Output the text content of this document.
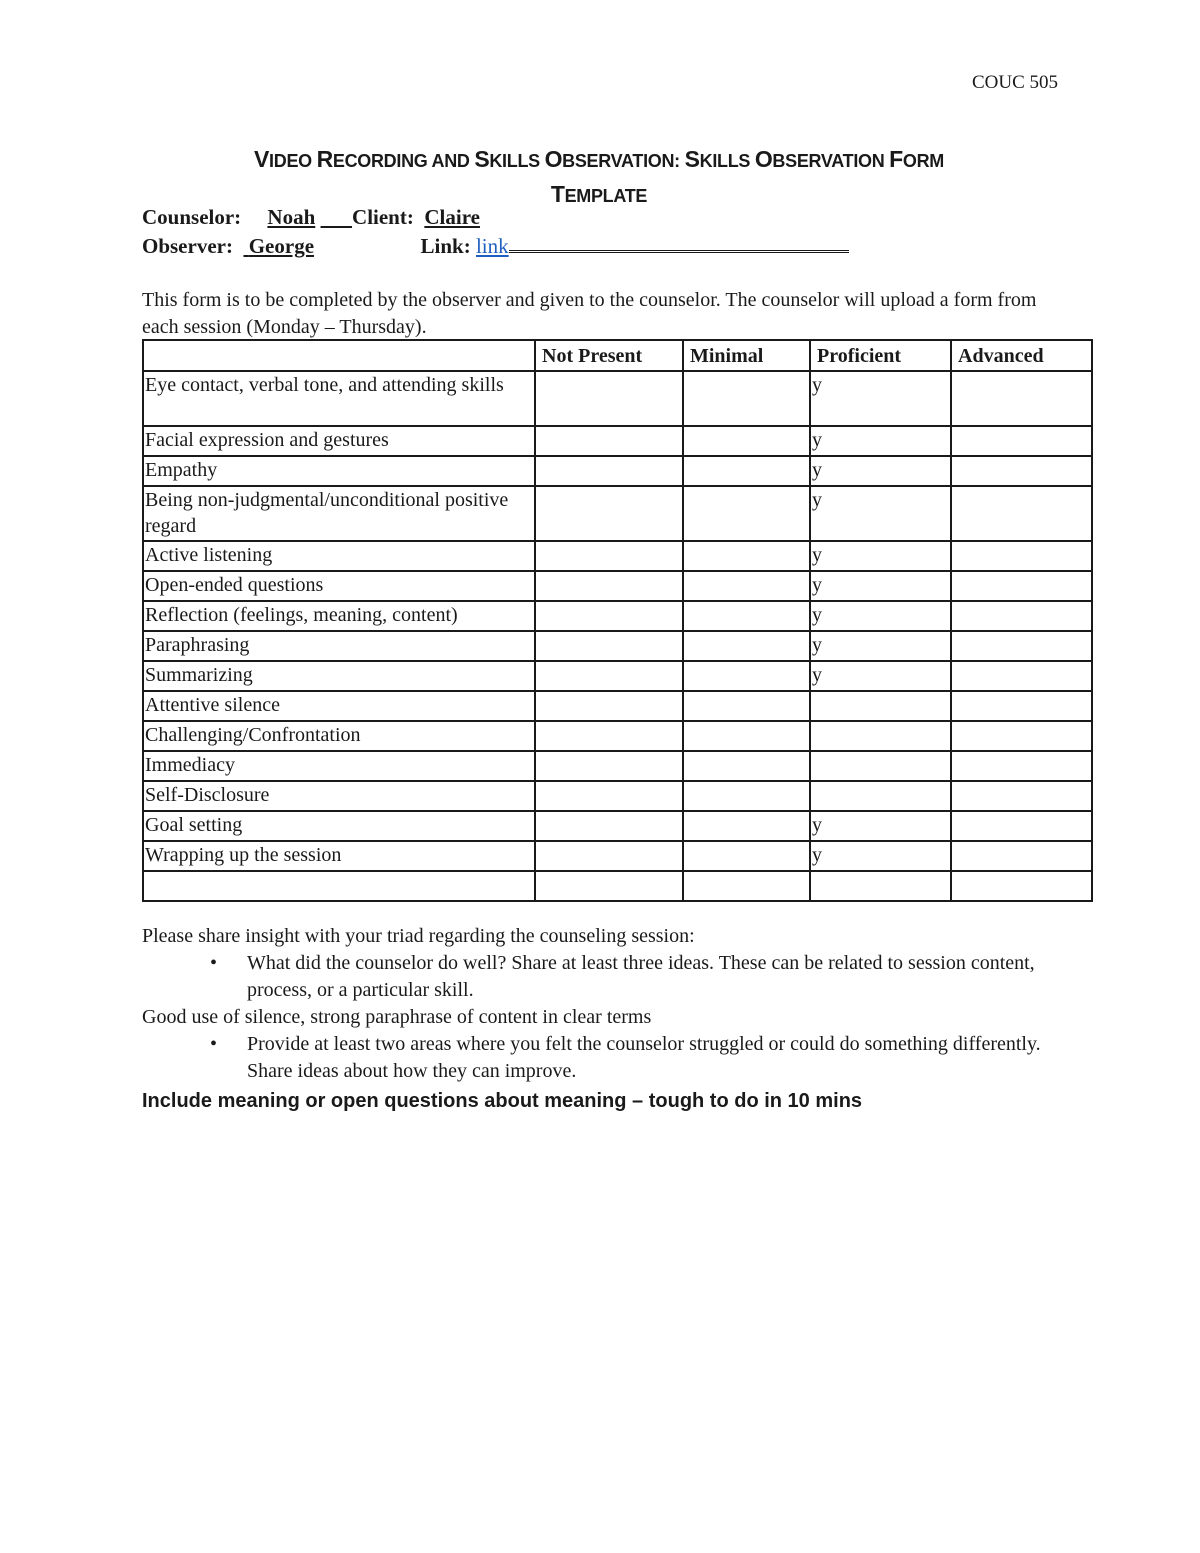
COUC 505
VIDEO RECORDING AND SKILLS OBSERVATION: SKILLS OBSERVATION FORM
TEMPLATE
Counselor: Noah Client: Claire
Observer: George	Link: link
This form is to be completed by the observer and given to the counselor. The counselor will upload a form from each session (Monday – Thursday).
	Not Present	Minimal	Proficient	Advanced
Eye contact, verbal tone, and attending skills			y	
Facial expression and gestures			y	
Empathy			y	
Being non-judgmental/unconditional positive regard			y	
Active listening			y	
Open-ended questions			y	
Reflection (feelings, meaning, content)			y	
Paraphrasing			y	
Summarizing			y	
Attentive silence				
Challenging/Confrontation				
Immediacy				
Self-Disclosure				
Goal setting			y	
Wrapping up the session			y	

Please share insight with your triad regarding the counseling session:

• What did the counselor do well? Share at least three ideas. These can be related to session content, process, or a particular skill.

Good use of silence, strong paraphrase of content in clear terms

• Provide at least two areas where you felt the counselor struggled or could do something differently. Share ideas about how they can improve.

Include meaning or open questions about meaning – tough to do in 10 mins
